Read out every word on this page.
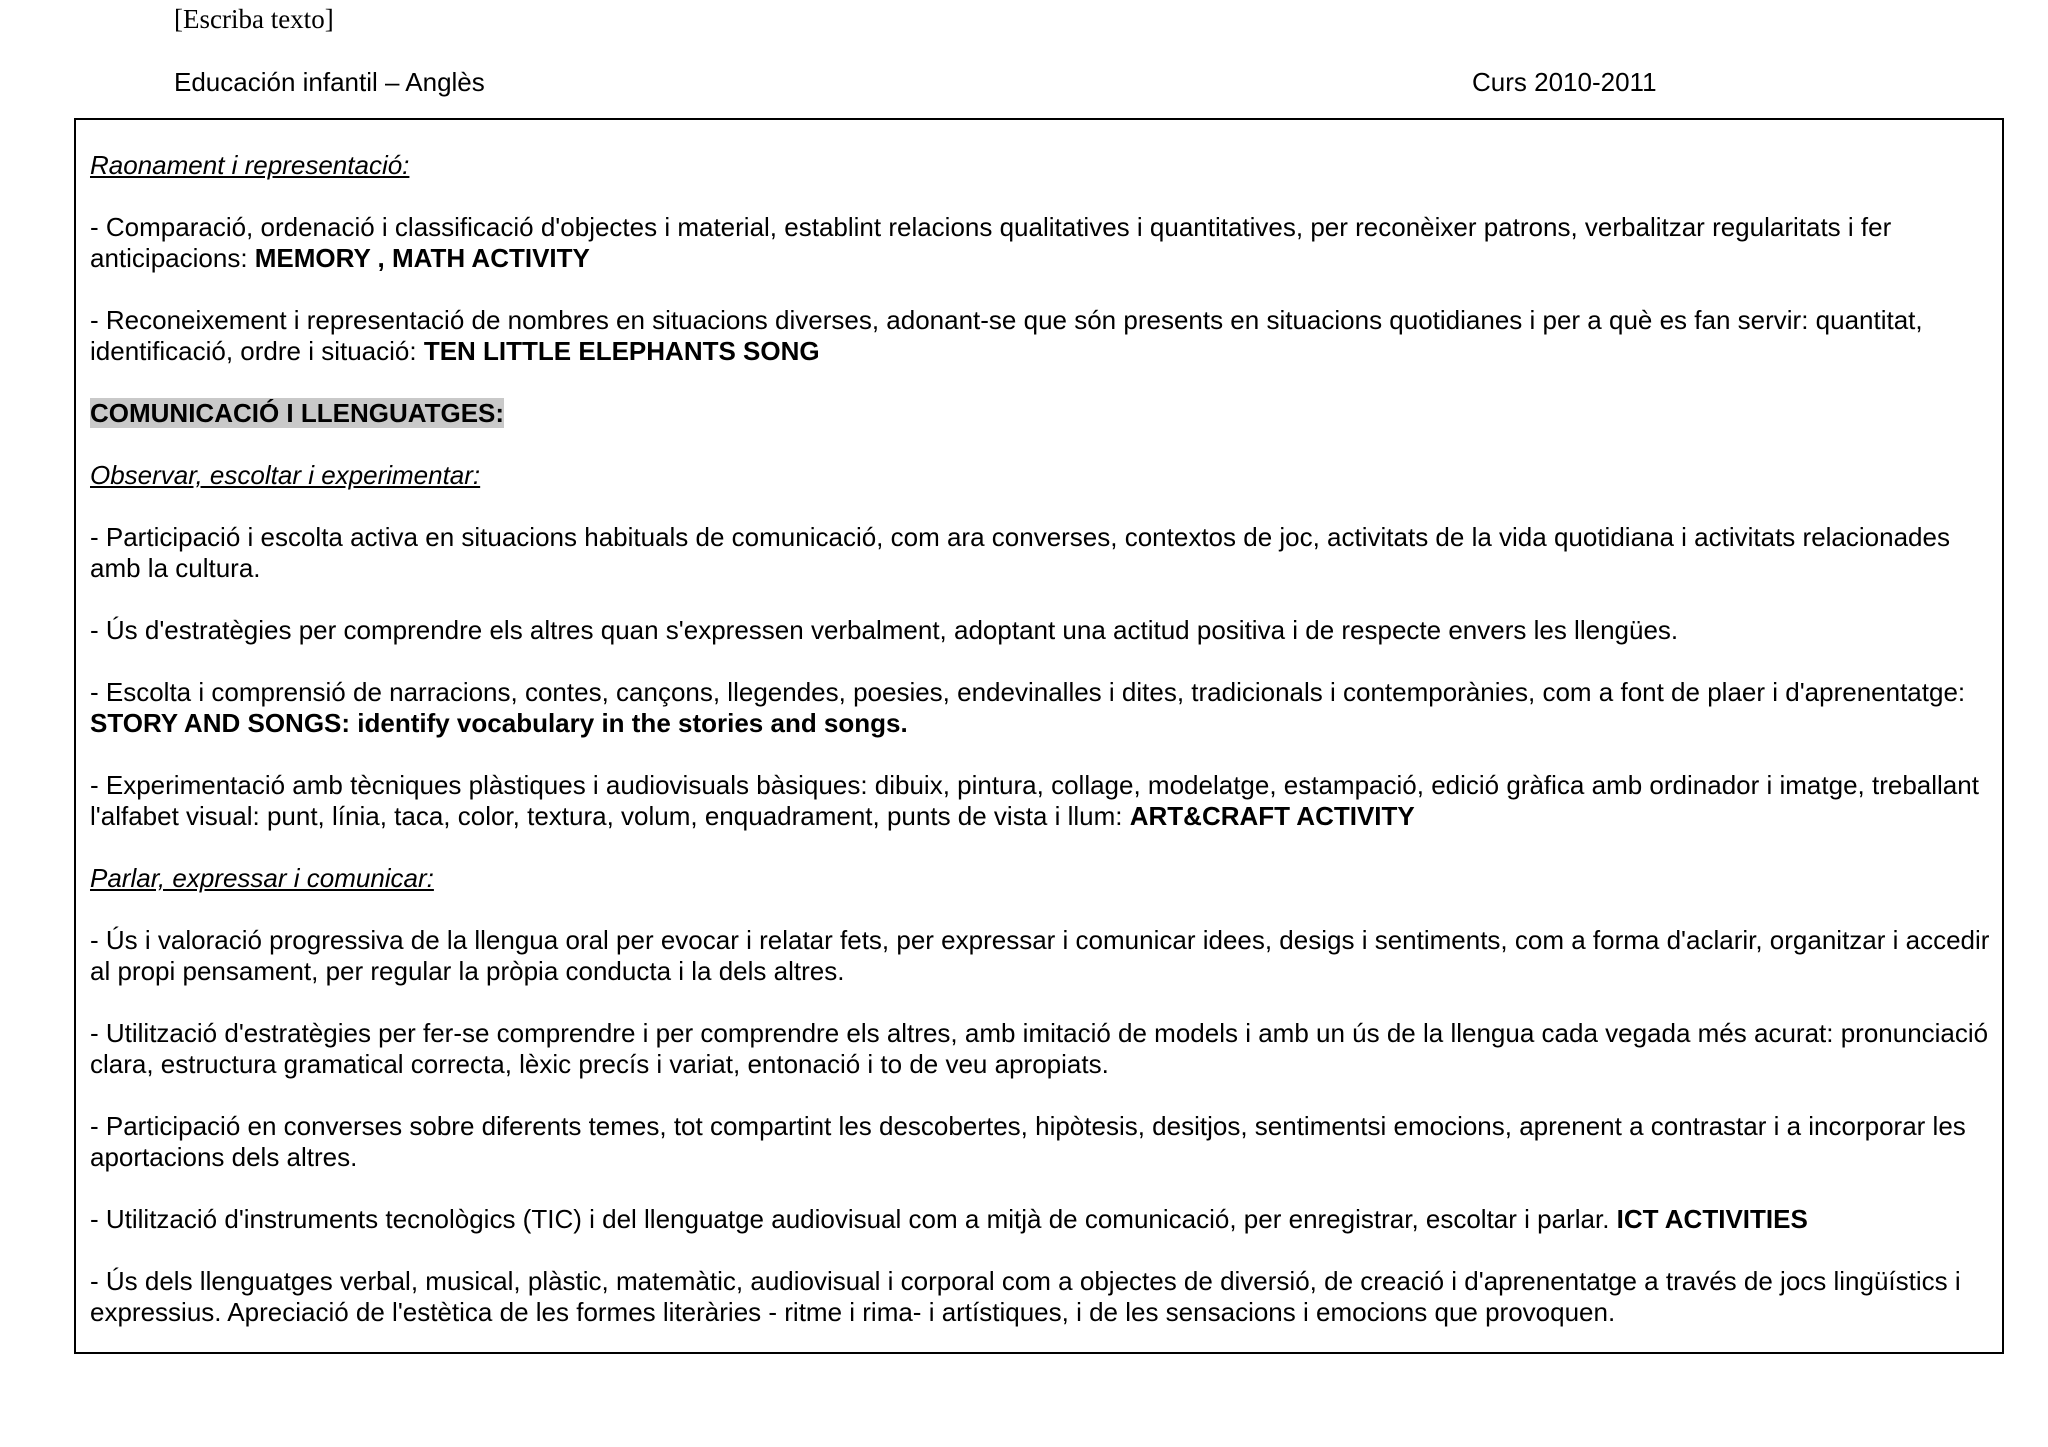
[Escriba texto]
Educación infantil – Anglès	Curs 2010-2011

Raonament i representació:

- Comparació, ordenació i classificació d'objectes i material, establint relacions qualitatives i quantitatives, per reconèixer patrons, verbalitzar regularitats i fer anticipacions: MEMORY , MATH ACTIVITY

- Reconeixement i representació de nombres en situacions diverses, adonant-se que són presents en situacions quotidianes i per a què es fan servir: quantitat, identificació, ordre i situació: TEN LITTLE ELEPHANTS SONG

COMUNICACIÓ I LLENGUATGES:

Observar, escoltar i experimentar:

- Participació i escolta activa en situacions habituals de comunicació, com ara converses, contextos de joc, activitats de la vida quotidiana i activitats relacionades amb la cultura.

- Ús d'estratègies per comprendre els altres quan s'expressen verbalment, adoptant una actitud positiva i de respecte envers les llengües.

- Escolta i comprensió de narracions, contes, cançons, llegendes, poesies, endevinalles i dites, tradicionals i contemporànies, com a font de plaer i d'aprenentatge: STORY AND SONGS: identify vocabulary in the stories and songs.

- Experimentació amb tècniques plàstiques i audiovisuals bàsiques: dibuix, pintura, collage, modelatge, estampació, edició gràfica amb ordinador i imatge, treballant l'alfabet visual: punt, línia, taca, color, textura, volum, enquadrament, punts de vista i llum: ART&CRAFT ACTIVITY

Parlar, expressar i comunicar:

- Ús i valoració progressiva de la llengua oral per evocar i relatar fets, per expressar i comunicar idees, desigs i sentiments, com a forma d'aclarir, organitzar i accedir al propi pensament, per regular la pròpia conducta i la dels altres.

- Utilització d'estratègies per fer-se comprendre i per comprendre els altres, amb imitació de models i amb un ús de la llengua cada vegada més acurat: pronunciació clara, estructura gramatical correcta, lèxic precís i variat, entonació i to de veu apropiats.

- Participació en converses sobre diferents temes, tot compartint les descobertes, hipòtesis, desitjos, sentimentsi emocions, aprenent a contrastar i a incorporar les aportacions dels altres.

- Utilització d'instruments tecnològics (TIC) i del llenguatge audiovisual com a mitjà de comunicació, per enregistrar, escoltar i parlar. ICT ACTIVITIES

- Ús dels llenguatges verbal, musical, plàstic, matemàtic, audiovisual i corporal com a objectes de diversió, de creació i d'aprenentatge a través de jocs lingüístics i expressius. Apreciació de l'estètica de les formes literàries - ritme i rima- i artístiques, i de les sensacions i emocions que provoquen.
